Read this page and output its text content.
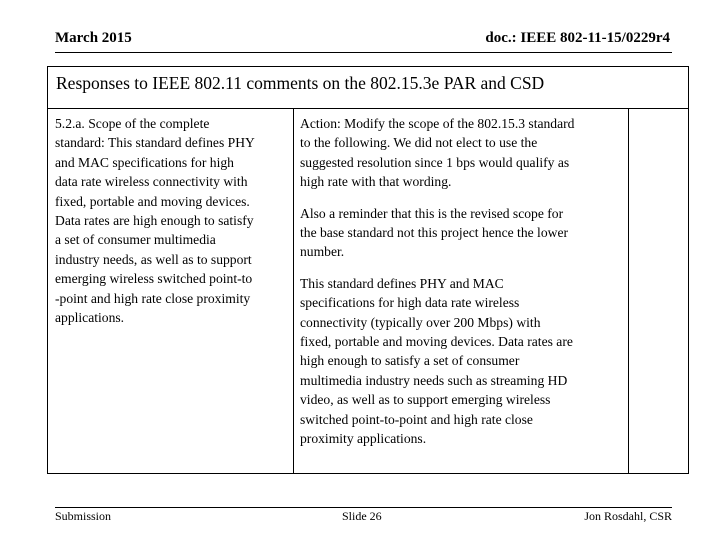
March 2015	doc.: IEEE 802-11-15/0229r4
Responses to IEEE 802.11 comments on the 802.15.3e PAR and CSD
5.2.a. Scope of the complete
standard: This standard defines PHY
and MAC specifications for high
data rate wireless connectivity with
fixed, portable and moving devices.
Data rates are high enough to satisfy
a set of consumer multimedia
industry needs, as well as to support
emerging wireless switched point-to
-point and high rate close proximity
applications.

Action: Modify the scope of the 802.15.3 standard
to the following. We did not elect to use the
suggested resolution since 1 bps would qualify as
high rate with that wording.

Also a reminder that this is the revised scope for
the base standard not this project hence the lower
number.

This standard defines PHY and MAC
specifications for high data rate wireless
connectivity (typically over 200 Mbps) with
fixed, portable and moving devices. Data rates are
high enough to satisfy a set of consumer
multimedia industry needs such as streaming HD
video, as well as to support emerging wireless
switched point-to-point and high rate close
proximity applications.

Submission	Slide 26	Jon Rosdahl, CSR
